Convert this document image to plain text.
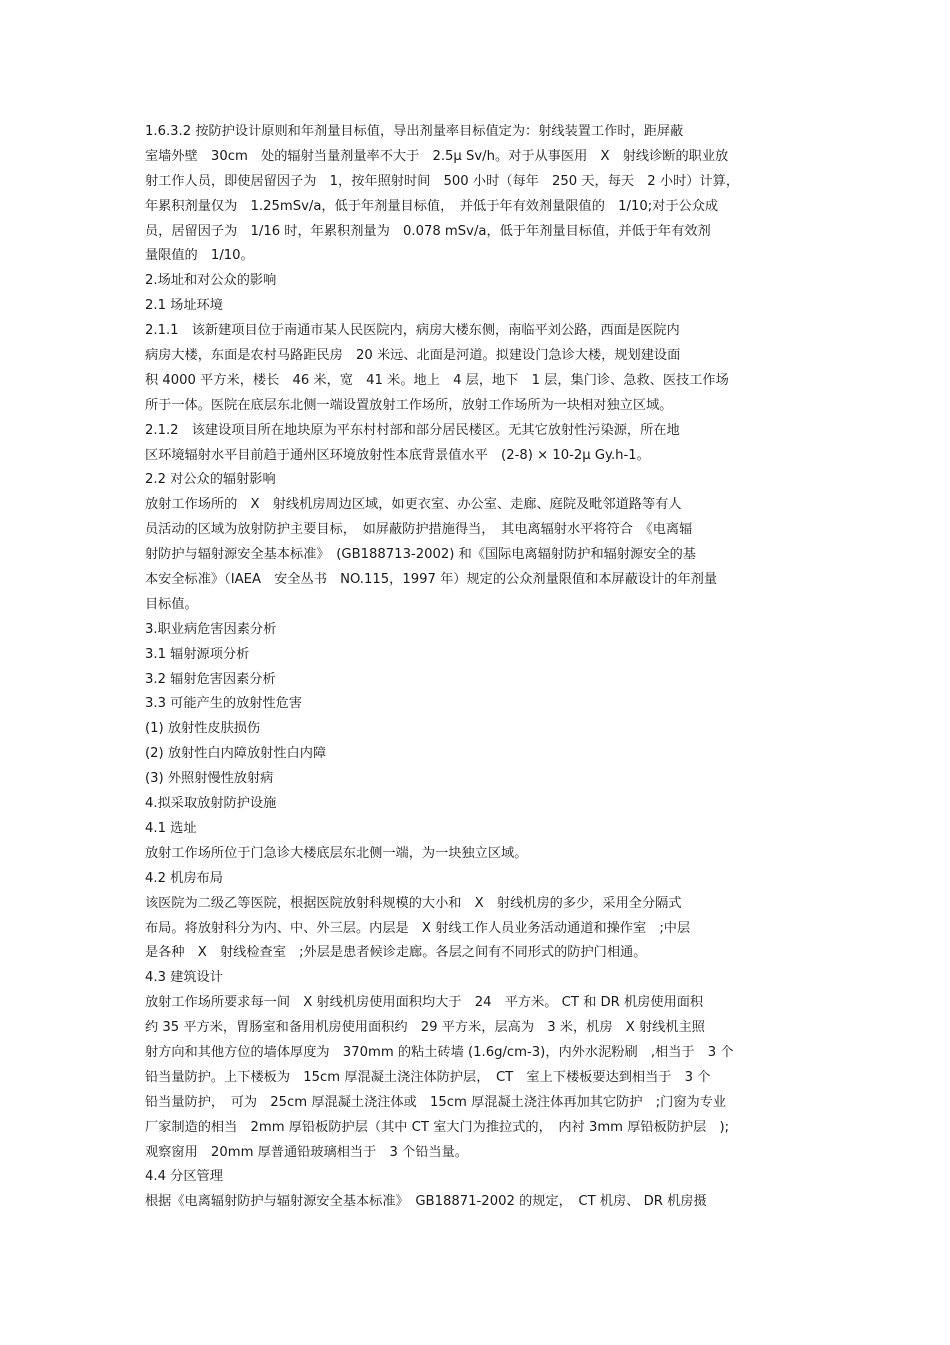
1.6.3.2 按防护设计原则和年剂量目标值，导出剂量率目标值定为：射线装置工作时，距屏蔽
室墙外壁　30cm　处的辐射当量剂量率不大于　2.5μ Sv/h。对于从事医用　X　射线诊断的职业放
射工作人员，即使居留因子为　1，按年照射时间　500 小时（每年　250 天，每天　2 小时）计算，
年累积剂量仅为　1.25mSv/a，低于年剂量目标值，　并低于年有效剂量限值的　1/10;对于公众成
员，居留因子为　1/16 时，年累积剂量为　0.078 mSv/a，低于年剂量目标值，并低于年有效剂
量限值的　1/10。
2.场址和对公众的影响
2.1 场址环境
2.1.1　该新建项目位于南通市某人民医院内，病房大楼东侧，南临平刘公路，西面是医院内
病房大楼，东面是农村马路距民房　20 米远、北面是河道。拟建设门急诊大楼，规划建设面
积 4000 平方米，楼长　46 米，宽　41 米。地上　4 层，地下　1 层，集门诊、急救、医技工作场
所于一体。医院在底层东北侧一端设置放射工作场所，放射工作场所为一块相对独立区域。
2.1.2　该建设项目所在地块原为平东村村部和部分居民楼区。无其它放射性污染源，所在地
区环境辐射水平目前趋于通州区环境放射性本底背景值水平　(2-8) × 10-2μ Gy.h-1。
2.2 对公众的辐射影响
放射工作场所的　X　射线机房周边区域，如更衣室、办公室、走廊、庭院及毗邻道路等有人
员活动的区域为放射防护主要目标，　如屏蔽防护措施得当，　其电离辐射水平将符合　《电离辐
射防护与辐射源安全基本标准》　(GB188713-2002) 和《国际电离辐射防护和辐射源安全的基
本安全标准》（IAEA　安全丛书　NO.115，1997 年）规定的公众剂量限值和本屏蔽设计的年剂量
目标值。
3.职业病危害因素分析
3.1 辐射源项分析
3.2 辐射危害因素分析
3.3 可能产生的放射性危害
(1) 放射性皮肤损伤
(2) 放射性白内障放射性白内障
(3) 外照射慢性放射病
4.拟采取放射防护设施
4.1 选址
放射工作场所位于门急诊大楼底层东北侧一端，为一块独立区域。
4.2 机房布局
该医院为二级乙等医院，根据医院放射科规模的大小和　X　射线机房的多少，采用全分隔式
布局。将放射科分为内、中、外三层。内层是　X 射线工作人员业务活动通道和操作室　;中层
是各种　X　射线检查室　;外层是患者候诊走廊。各层之间有不同形式的防护门相通。
4.3 建筑设计
放射工作场所要求每一间　X 射线机房使用面积均大于　24　平方米。 CT 和 DR 机房使用面积
约 35 平方米，胃肠室和备用机房使用面积约　29 平方米，层高为　3 米，机房　X 射线机主照
射方向和其他方位的墙体厚度为　370mm 的粘土砖墙 (1.6g/cm-3)，内外水泥粉刷　,相当于　3 个
铅当量防护。上下楼板为　15cm 厚混凝土浇注体防护层，　CT　室上下楼板要达到相当于　3 个
铅当量防护，　可为　25cm 厚混凝土浇注体或　15cm 厚混凝土浇注体再加其它防护　;门窗为专业
厂家制造的相当　2mm 厚铅板防护层（其中 CT 室大门为推拉式的，　内衬 3mm 厚铅板防护层　);
观察窗用　20mm 厚普通铅玻璃相当于　3 个铅当量。
4.4 分区管理
根据《电离辐射防护与辐射源安全基本标准》　GB18871-2002 的规定，　CT 机房、 DR 机房摄
